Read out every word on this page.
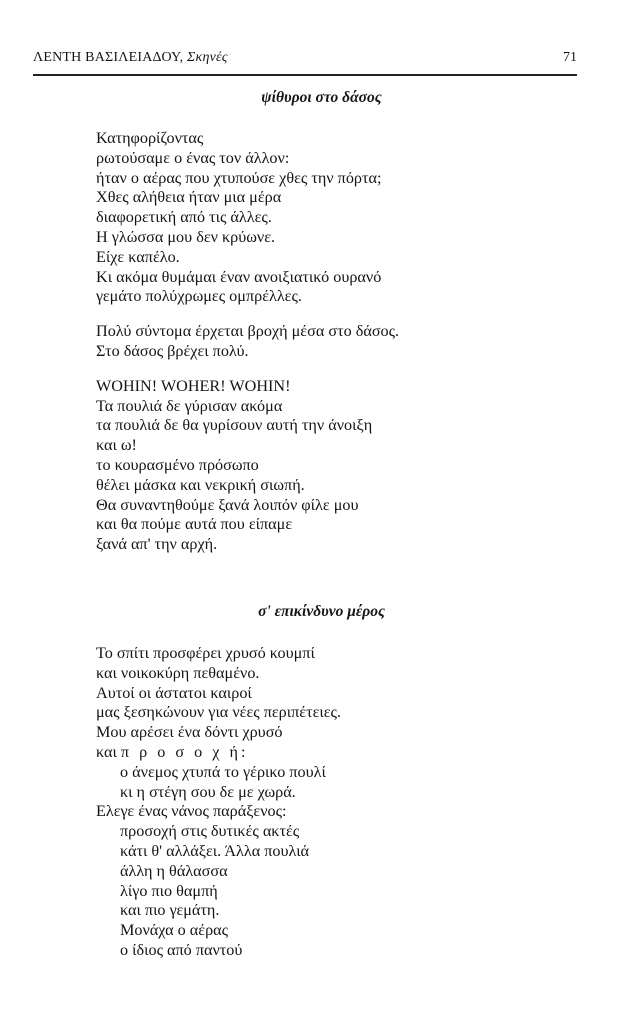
ΛΕΝΤΗ ΒΑΣΙΛΕΙΑΔΟΥ, Σκηνές	71
ψίθυροι στο δάσος
Κατηφορίζοντας
ρωτούσαμε ο ένας τον άλλον:
ήταν ο αέρας που χτυπούσε χθες την πόρτα;
Χθες αλήθεια ήταν μια μέρα
διαφορετική από τις άλλες.
Η γλώσσα μου δεν κρύωνε.
Είχε καπέλο.
Κι ακόμα θυμάμαι έναν ανοιξιατικό ουρανό
γεμάτο πολύχρωμες ομπρέλλες.
Πολύ σύντομα έρχεται βροχή μέσα στο δάσος.
Στο δάσος βρέχει πολύ.
WOHIN! WOHER! WOHIN!
Τα πουλιά δε γύρισαν ακόμα
τα πουλιά δε θα γυρίσουν αυτή την άνοιξη
και ω!
το κουρασμένο πρόσωπο
θέλει μάσκα και νεκρική σιωπή.
Θα συναντηθούμε ξανά λοιπόν φίλε μου
και θα πούμε αυτά που είπαμε
ξανά απ' την αρχή.
σ' επικίνδυνο μέρος
Το σπίτι προσφέρει χρυσό κουμπί
και νοικοκύρη πεθαμένο.
Αυτοί οι άστατοι καιροί
μας ξεσηκώνουν για νέες περιπέτειες.
Μου αρέσει ένα δόντι χρυσό
και π ρ ο σ ο χ ή:
ο άνεμος χτυπά το γέρικο πουλί
κι η στέγη σου δε με χωρά.
Ελεγε ένας νάνος παράξενος:
προσοχή στις δυτικές ακτές
κάτι θ' αλλάξει. Άλλα πουλιά
άλλη η θάλασσα
λίγο πιο θαμπή
και πιο γεμάτη.
Μονάχα ο αέρας
ο ίδιος από παντού
